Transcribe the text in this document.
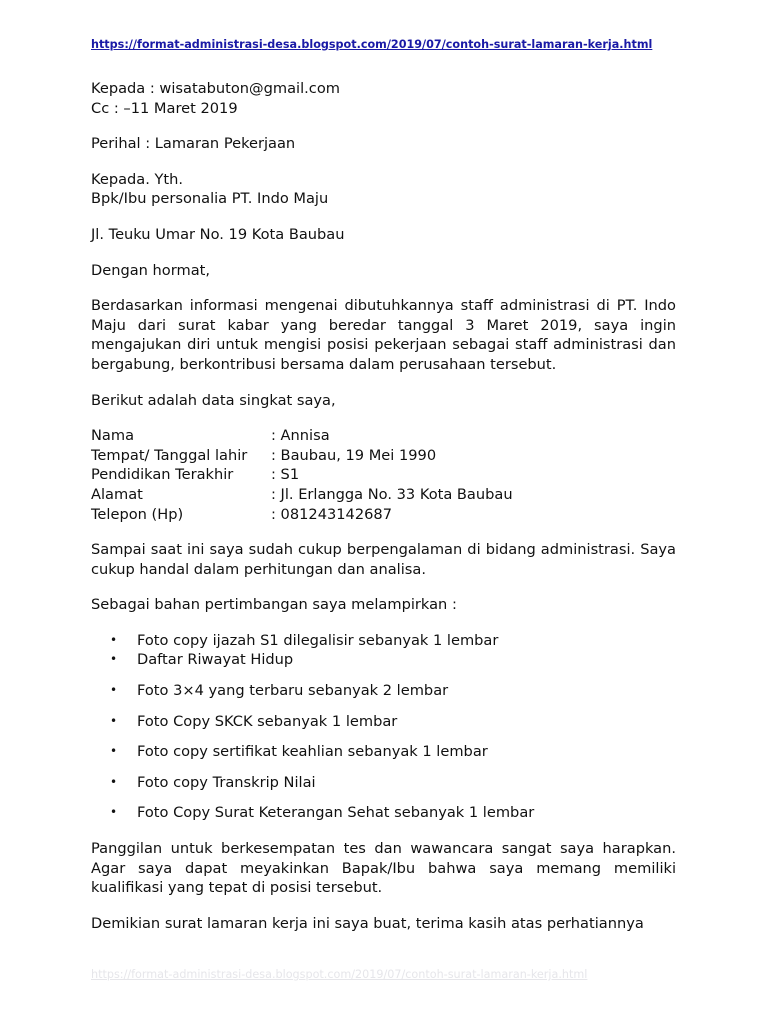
https://format-administrasi-desa.blogspot.com/2019/07/contoh-surat-lamaran-kerja.html

Kepada : wisatabuton@gmail.com

Cc : –11 Maret 2019

Perihal : Lamaran Pekerjaan

Kepada. Yth.

Bpk/Ibu personalia PT. Indo Maju

Jl. Teuku Umar No. 19 Kota Baubau

Dengan hormat,

Berdasarkan informasi mengenai dibutuhkannya staff administrasi di PT. Indo Maju dari surat kabar yang beredar tanggal 3 Maret 2019, saya ingin mengajukan diri untuk mengisi posisi pekerjaan sebagai staff administrasi dan bergabung, berkontribusi bersama dalam perusahaan tersebut.

Berikut adalah data singkat saya,

Nama	: Annisa
Tempat/ Tanggal lahir	: Baubau, 19 Mei 1990
Pendidikan Terakhir	: S1
Alamat	: Jl. Erlangga No. 33 Kota Baubau
Telepon (Hp)	: 081243142687

Sampai saat ini saya sudah cukup berpengalaman di bidang administrasi. Saya cukup handal dalam perhitungan dan analisa.

Sebagai bahan pertimbangan saya melampirkan :

• Foto copy ijazah S1 dilegalisir sebanyak 1 lembar
• Daftar Riwayat Hidup
• Foto 3×4 yang terbaru sebanyak 2 lembar
• Foto Copy SKCK sebanyak 1 lembar
• Foto copy sertifikat keahlian sebanyak 1 lembar
• Foto copy Transkrip Nilai
• Foto Copy Surat Keterangan Sehat sebanyak 1 lembar

Panggilan untuk berkesempatan tes dan wawancara sangat saya harapkan. Agar saya dapat meyakinkan Bapak/Ibu bahwa saya memang memiliki kualifikasi yang tepat di posisi tersebut.

Demikian surat lamaran kerja ini saya buat, terima kasih atas perhatiannya

https://format-administrasi-desa.blogspot.com/2019/07/contoh-surat-lamaran-kerja.html
